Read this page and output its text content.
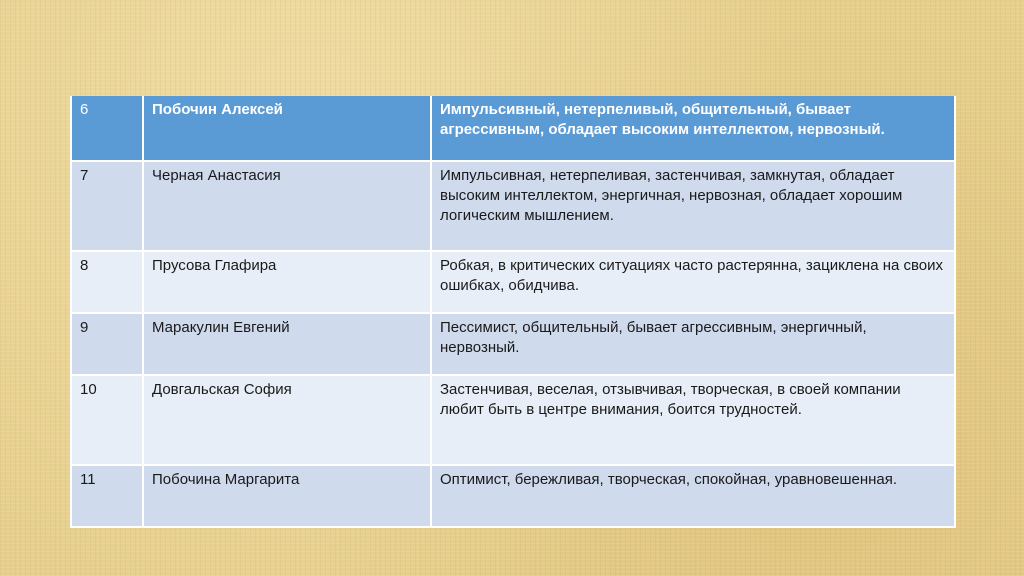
6	Побочин Алексей	Импульсивный, нетерпеливый, общительный, бывает агрессивным, обладает высоким интеллектом, нервозный.
7	Черная Анастасия	Импульсивная, нетерпеливая, застенчивая, замкнутая, обладает высоким интеллектом, энергичная, нервозная, обладает хорошим логическим мышлением.
8	Прусова Глафира	Робкая, в критических ситуациях часто растерянна, зациклена на своих ошибках, обидчива.
9	Маракулин Евгений	Пессимист, общительный, бывает агрессивным, энергичный, нервозный.
10	Довгальская София	Застенчивая, веселая, отзывчивая, творческая, в своей компании любит быть в центре внимания, боится трудностей.
11	Побочина Маргарита	Оптимист, бережливая, творческая, спокойная, уравновешенная.
